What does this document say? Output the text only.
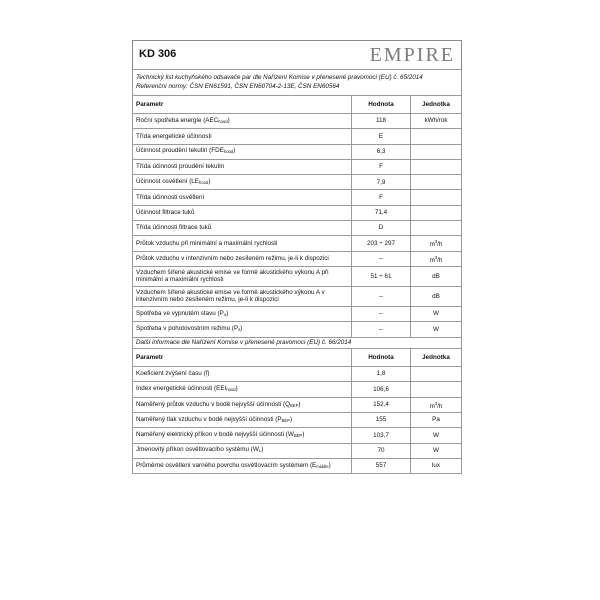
KD 306	EMPIRE
Technický list kuchyňského odsavače par dle Nařízení Komise v přenesené pravomoci (EU) č. 65/2014
Referenční normy: ČSN EN61591, ČSN EN60704-2-13E, ČSN EN60564		
Parametr	Hodnota	Jednotka
Roční spotřeba energie $(AEC_{hood})$	118	kWh/rok
Třída energetické účinnosti	E	
Účinnost proudění tekutin $(FDE_{hood})$	6,3	
Třída účinnosti proudění tekutin	F	
Účinnost osvětlení $(LE_{hood})$	7,9	
Třída účinnosti osvětlení	F	
Účinnost filtrace tuků	71,4	
Třída účinnosti filtrace tuků	D	
Průtok vzduchu při minimální a maximální rychlosti	203 ÷ 297	$m^3/h$
Průtok vzduchu v intenzivním nebo zesíleném režimu, je-li k dispozici	--	$m^3/h$
Vzduchem šířené akustické emise ve formě akustického výkonu A při minimální a maximální rychlosti	51 ÷ 61	dB
Vzduchem šířené akustické emise ve formě akustického výkonu A v intenzivním nebo zesíleném režimu, je-li k dispozici	--	dB
Spotřeba ve vypnutém stavu $(P_o)$	--	W
Spotřeba v pohotovostním režimu $(P_s)$	--	W
Další informace dle Nařízení Komise v přenesené pravomoci (EU) č. 66/2014		
Parametr	Hodnota	Jednotka
Koeficient zvýšení času (f)	1,8	
Index energetické účinnosti $(EEI_{hood})$	106,6	
Naměřený průtok vzduchu v bodě nejvyšší účinnosti $(Q_{BEP})$	152,4	$m^3/h$
Naměřený tlak vzduchu v bodě nejvyšší účinnosti $(P_{BEP})$	155	Pa
Naměřený elektrický příkon v bodě nejvyšší účinnosti $(W_{BEP})$	103,7	W
Jmenovitý příkon osvětlovacího systému $(W_L)$	70	W
Průměrné osvětlení varného povrchu osvětlovacím systémem $(E_{middle})$	557	lux
